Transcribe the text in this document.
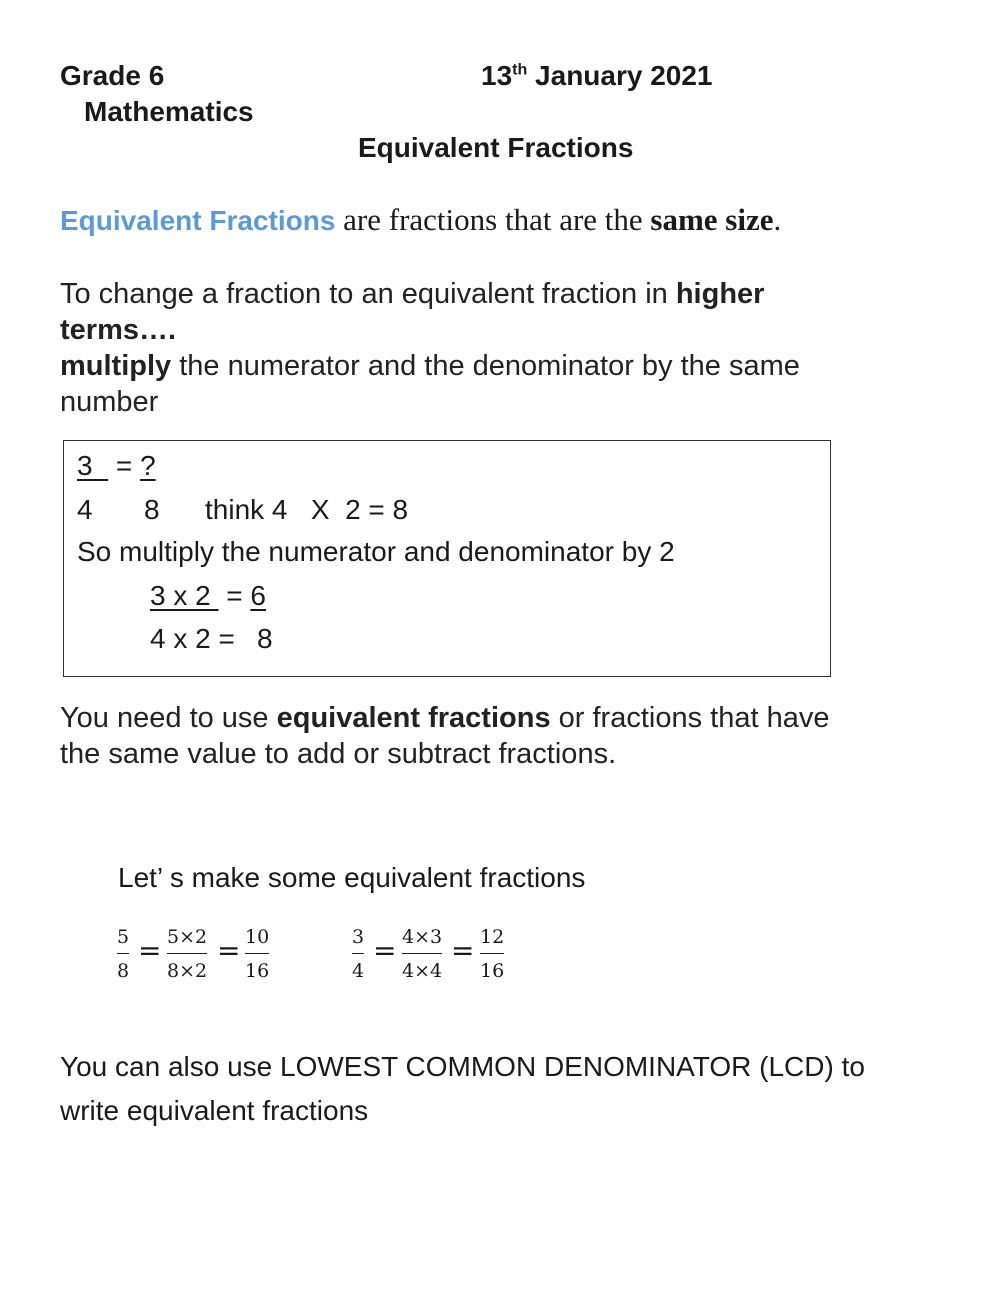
Grade 6	13th January 2021
Mathematics
Equivalent Fractions
Equivalent Fractions are fractions that are the same size.
To change a fraction to an equivalent fraction in higher
terms….
multiply the numerator and the denominator by the same
number
3   = ?
4 8 think 4   X  2 = 8
So multiply the numerator and denominator by 2
3 x 2  = 6
4 x 2 = 8
You need to use equivalent fractions or fractions that have
the same value to add or subtract fractions.
Let’ s make some equivalent fractions
5
8
= 5×2
8×2
= 10
16
3
4
= 4×3
4×4
= 12
16
You can also use LOWEST COMMON DENOMINATOR (LCD) to
write equivalent fractions
